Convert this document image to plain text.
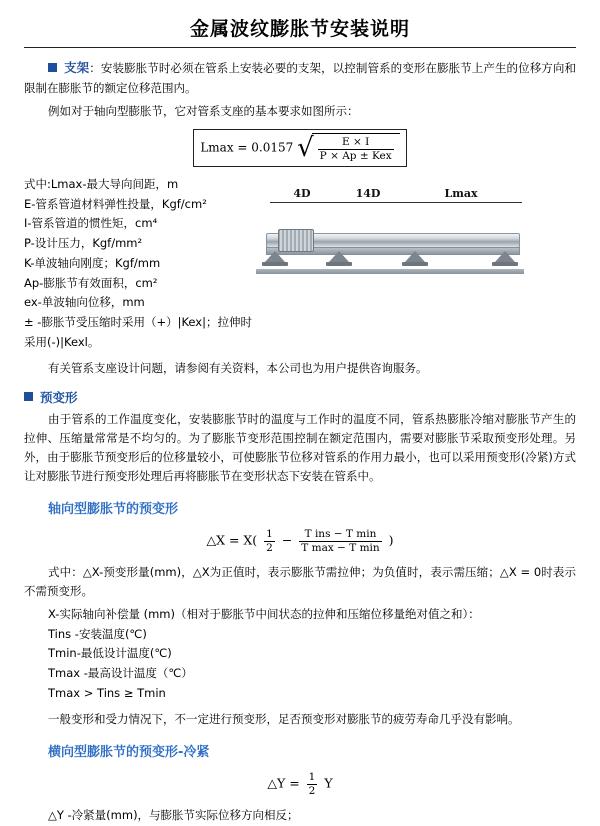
金属波纹膨胀节安装说明

支架：安装膨胀节时必须在管系上安装必要的支架，以控制管系的变形在膨胀节上产生的位移方向和限制在膨胀节的额定位移范围内。

例如对于轴向型膨胀节，它对管系支座的基本要求如图所示：

Lmax = 0.0157 √ $\frac{E \times I}{\text{P × Ap ± Kex}}$
式中:Lmax-最大导向间距，m
E-管系管道材料弹性投量，Kgf/cm²
I-管系管道的惯性矩，cm⁴
P-设计压力，Kgf/mm²
K-单波轴向刚度；Kgf/mm
Ap-膨胀节有效面积，cm²
ex-单波轴向位移，mm
± -膨胀节受压缩时采用（+）|Kex|；拉伸时采用(-)|Kexl。
4D	14D	Lmax

有关管系支座设计问题，请参阅有关资料，本公司也为用户提供咨询服务。

预变形

由于管系的工作温度变化，安装膨胀节时的温度与工作时的温度不同，管系热膨胀冷缩对膨胀节产生的拉伸、压缩量常常是不均匀的。为了膨胀节变形范围控制在额定范围内，需要对膨胀节采取预变形处理。另外，由于膨胀节预变形后的位移量较小，可使膨胀节位移对管系的作用力最小，也可以采用预变形(冷紧)方式让对膨胀节进行预变形处理后再将膨胀节在变形状态下安装在管系中。

轴向型膨胀节的预变形
△X = $X( \frac{1}{2} - \frac{\text{T ins − T min}}{\text{T max − T min}}$ )

式中：△X-预变形量(mm)，△X为正值时，表示膨胀节需拉伸；为负值时，表示需压缩；△X = 0时表示不需预变形。

X-实际轴向补偿量 (mm)（相对于膨胀节中间状态的拉伸和压缩位移量绝对值之和）：
Tins -安装温度(℃)
Tmin-最低设计温度(℃)
Tmax -最高设计温度（℃）
Tmax > Tins ≥ Tmin
一般变形和受力情况下，不一定进行预变形，足否预变形对膨胀节的疲劳寿命几乎没有影响。
横向型膨胀节的预变形-冷紧
△Y = $\frac{1}{2}$ Y
△Y -冷紧量(mm)，与膨胀节实际位移方向相反；
